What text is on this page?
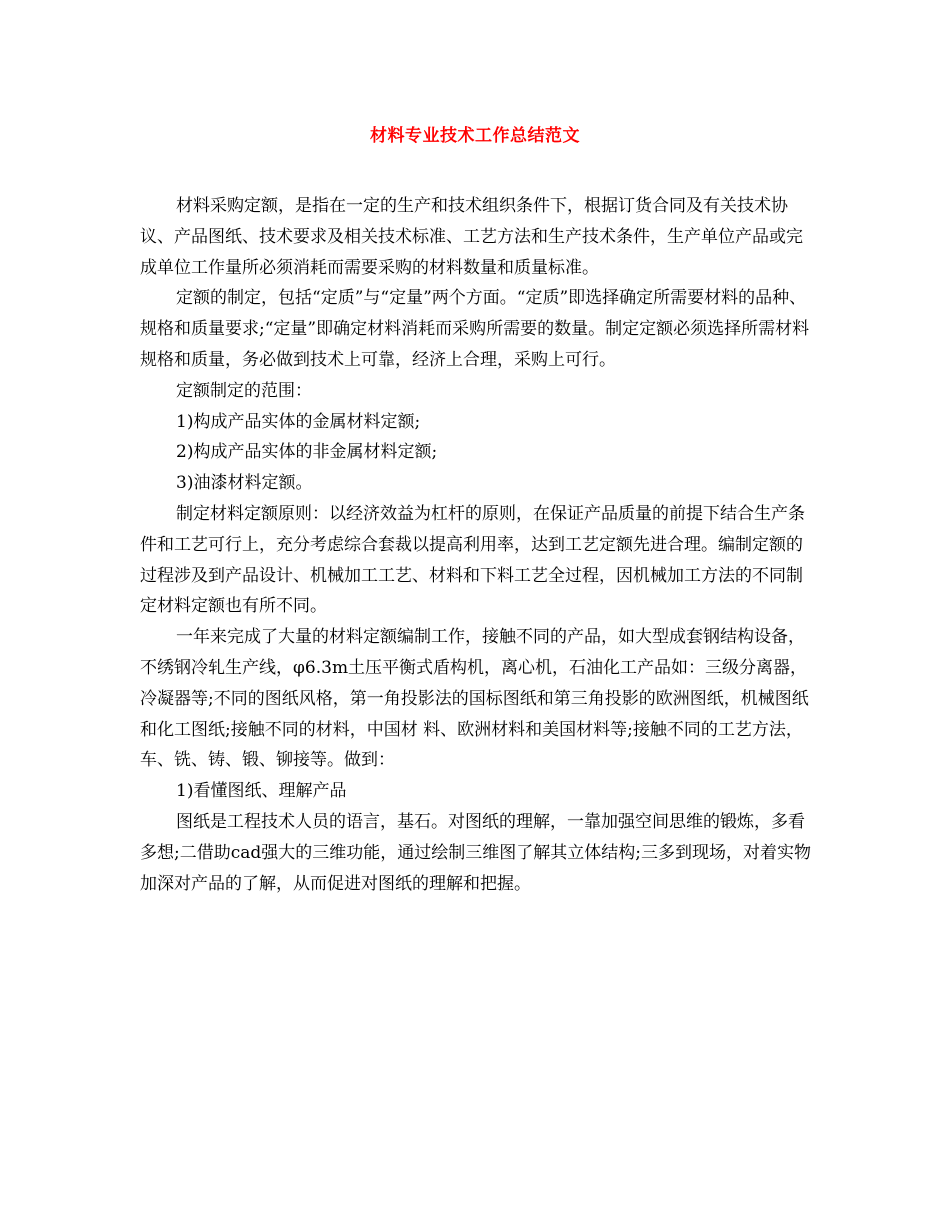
材料专业技术工作总结范文

材料采购定额，是指在一定的生产和技术组织条件下，根据订货合同及有关技术协议、产品图纸、技术要求及相关技术标准、工艺方法和生产技术条件，生产单位产品或完成单位工作量所必须消耗而需要采购的材料数量和质量标准。

定额的制定，包括“定质”与“定量”两个方面。“定质”即选择确定所需要材料的品种、规格和质量要求;“定量”即确定材料消耗而采购所需要的数量。制定定额必须选择所需材料规格和质量，务必做到技术上可靠，经济上合理，采购上可行。

定额制定的范围：

1)构成产品实体的金属材料定额;

2)构成产品实体的非金属材料定额;

3)油漆材料定额。

制定材料定额原则：以经济效益为杠杆的原则，在保证产品质量的前提下结合生产条件和工艺可行上，充分考虑综合套裁以提高利用率，达到工艺定额先进合理。编制定额的过程涉及到产品设计、机械加工工艺、材料和下料工艺全过程，因机械加工方法的不同制定材料定额也有所不同。

一年来完成了大量的材料定额编制工作，接触不同的产品，如大型成套钢结构设备，不绣钢冷轧生产线，φ6.3m土压平衡式盾构机，离心机，石油化工产品如：三级分离器，冷凝器等;不同的图纸风格，第一角投影法的国标图纸和第三角投影的欧洲图纸，机械图纸和化工图纸;接触不同的材料，中国材 料、欧洲材料和美国材料等;接触不同的工艺方法，车、铣、铸、锻、铆接等。做到：

1)看懂图纸、理解产品

图纸是工程技术人员的语言，基石。对图纸的理解，一靠加强空间思维的锻炼，多看多想;二借助cad强大的三维功能，通过绘制三维图了解其立体结构;三多到现场，对着实物加深对产品的了解，从而促进对图纸的理解和把握。
